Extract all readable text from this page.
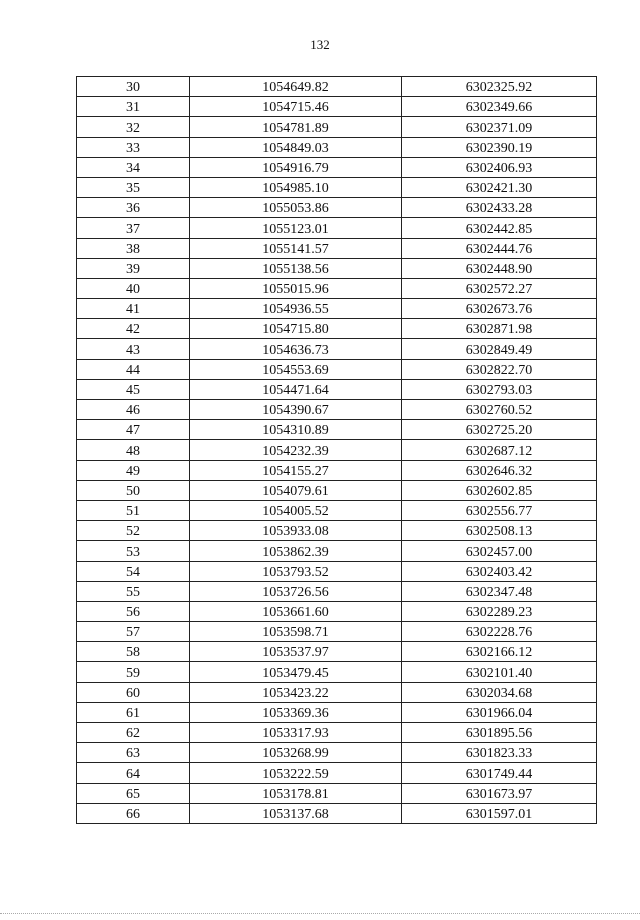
132
30	1054649.82	6302325.92
31	1054715.46	6302349.66
32	1054781.89	6302371.09
33	1054849.03	6302390.19
34	1054916.79	6302406.93
35	1054985.10	6302421.30
36	1055053.86	6302433.28
37	1055123.01	6302442.85
38	1055141.57	6302444.76
39	1055138.56	6302448.90
40	1055015.96	6302572.27
41	1054936.55	6302673.76
42	1054715.80	6302871.98
43	1054636.73	6302849.49
44	1054553.69	6302822.70
45	1054471.64	6302793.03
46	1054390.67	6302760.52
47	1054310.89	6302725.20
48	1054232.39	6302687.12
49	1054155.27	6302646.32
50	1054079.61	6302602.85
51	1054005.52	6302556.77
52	1053933.08	6302508.13
53	1053862.39	6302457.00
54	1053793.52	6302403.42
55	1053726.56	6302347.48
56	1053661.60	6302289.23
57	1053598.71	6302228.76
58	1053537.97	6302166.12
59	1053479.45	6302101.40
60	1053423.22	6302034.68
61	1053369.36	6301966.04
62	1053317.93	6301895.56
63	1053268.99	6301823.33
64	1053222.59	6301749.44
65	1053178.81	6301673.97
66	1053137.68	6301597.01
